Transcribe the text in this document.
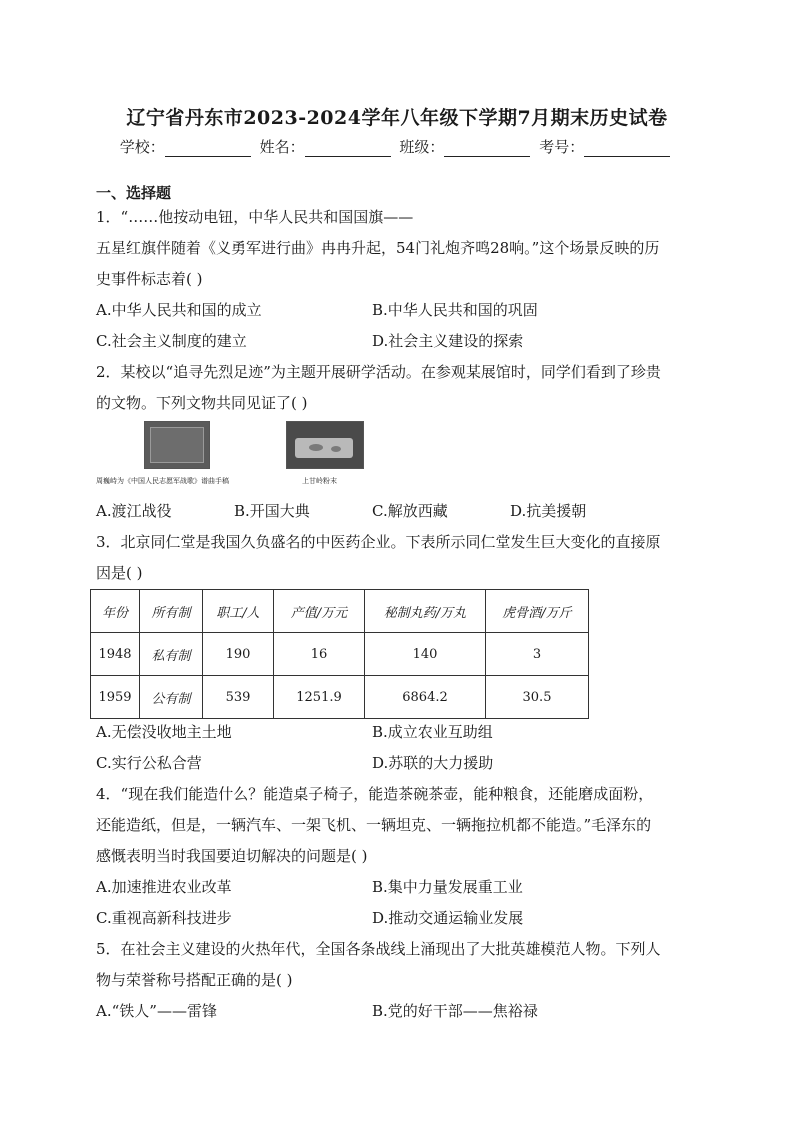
辽宁省丹东市2023-2024学年八年级下学期7月期末历史试卷
学校：	姓名：	班级：	考号：
一、选择题
1．“……他按动电钮，中华人民共和国国旗——
五星红旗伴随着《义勇军进行曲》冉冉升起，54门礼炮齐鸣28响。”这个场景反映的历
史事件标志着( )
A.中华人民共和国的成立	B.中华人民共和国的巩固
C.社会主义制度的建立	D.社会主义建设的探索
2．某校以“追寻先烈足迹”为主题开展研学活动。在参观某展馆时，同学们看到了珍贵
的文物。下列文物共同见证了( )
周巍峙为《中国人民志愿军战歌》谱曲手稿	上甘岭粉末
A.渡江战役	B.开国大典	C.解放西藏	D.抗美援朝
3．北京同仁堂是我国久负盛名的中医药企业。下表所示同仁堂发生巨大变化的直接原
因是( )
年份	所有制	职工/人	产值/万元	秘制丸药/万丸	虎骨酒/万斤
1948	私有制	190	16	140	3
1959	公有制	539	1251.9	6864.2	30.5
A.无偿没收地主土地	B.成立农业互助组
C.实行公私合营	D.苏联的大力援助
4．“现在我们能造什么？能造桌子椅子，能造茶碗茶壶，能种粮食，还能磨成面粉，
还能造纸，但是，一辆汽车、一架飞机、一辆坦克、一辆拖拉机都不能造。”毛泽东的
感慨表明当时我国要迫切解决的问题是( )
A.加速推进农业改革	B.集中力量发展重工业
C.重视高新科技进步	D.推动交通运输业发展
5．在社会主义建设的火热年代，全国各条战线上涌现出了大批英雄模范人物。下列人
物与荣誉称号搭配正确的是( )
A.“铁人”——雷锋	B.党的好干部——焦裕禄
